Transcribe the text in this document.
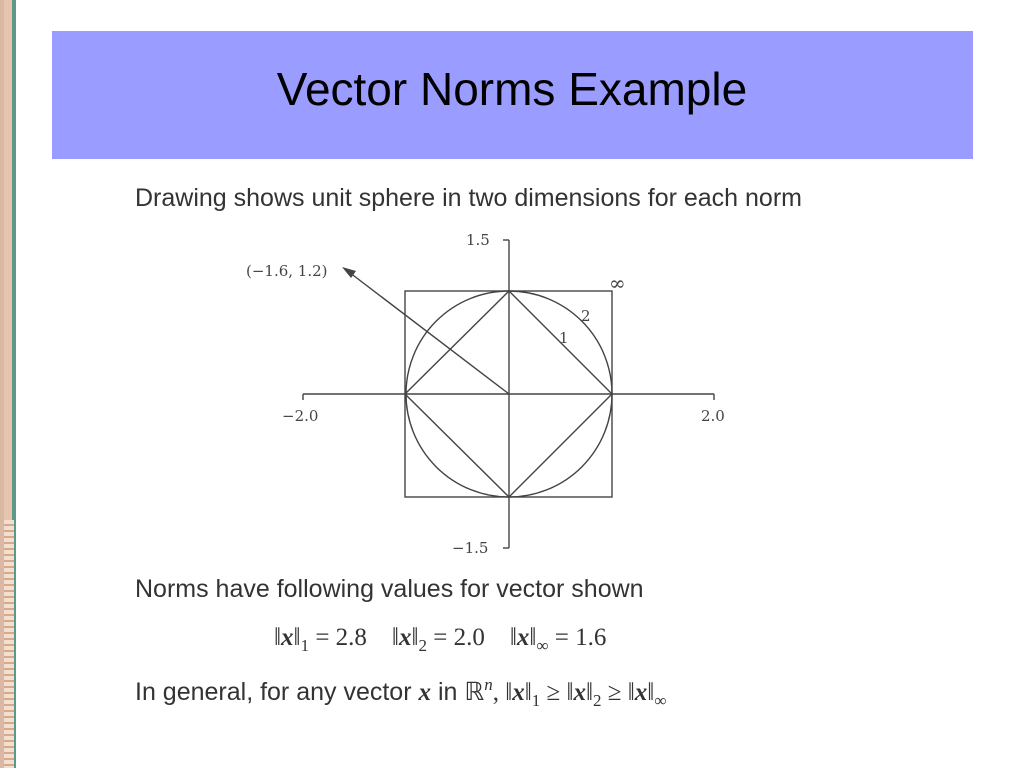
Vector Norms Example
Drawing shows unit sphere in two dimensions for each norm
1.5
−1.5
−2.0	2.0
(−1.6, 1.2)	∞
2
1
Norms have following values for vector shown
$‖x‖_1 = 2.8$    $‖x‖_2 = 2.0$    $‖x‖_\infty = 1.6$
In general, for any vector x in ℝ$^n$, $‖x‖_1$ ≥ $‖x‖_2$ ≥ $‖x‖_\infty$
